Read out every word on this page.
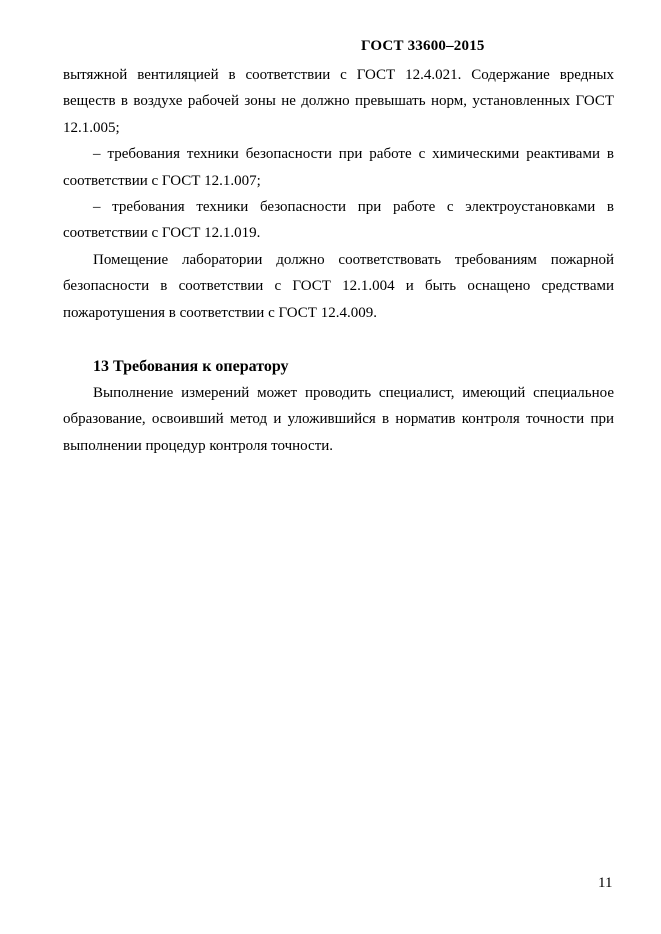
ГОСТ 33600–2015

вытяжной вентиляцией в соответствии с ГОСТ 12.4.021. Содержание вредных веществ в воздухе рабочей зоны не должно превышать норм, установленных ГОСТ 12.1.005;

– требования техники безопасности при работе с химическими реактивами в соответствии с ГОСТ 12.1.007;

– требования техники безопасности при работе с электроустановками в соответствии с ГОСТ 12.1.019.

Помещение лаборатории должно соответствовать требованиям пожарной безопасности в соответствии с ГОСТ 12.1.004 и быть оснащено средствами пожаротушения в соответствии с ГОСТ 12.4.009.

13 Требования к оператору

Выполнение измерений может проводить специалист, имеющий специальное образование, освоивший метод и уложившийся в норматив контроля точности при выполнении процедур контроля точности.

11
